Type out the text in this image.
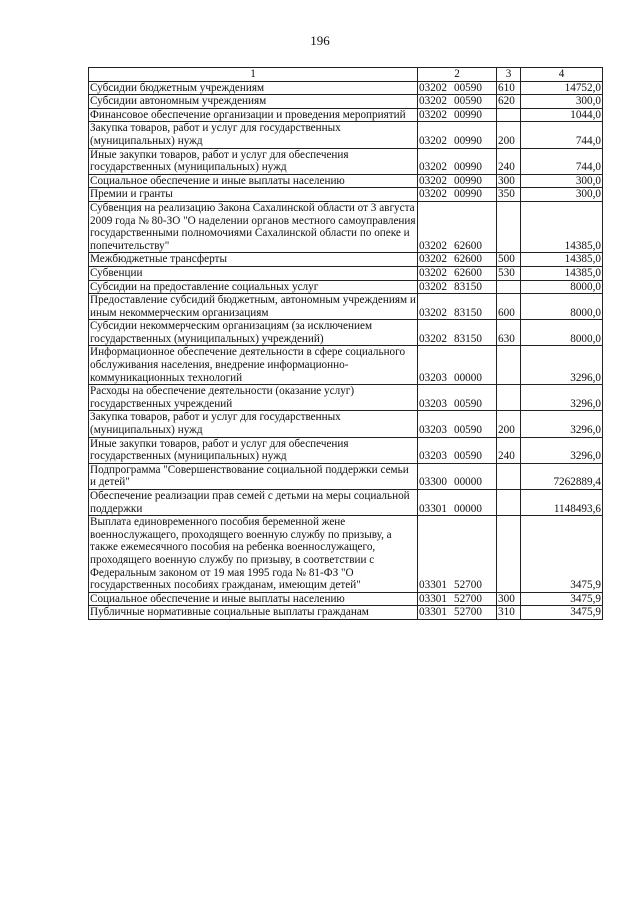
196
1	2	3	4
Субсидии бюджетным учреждениям	03202 00590	610	14752,0
Субсидии автономным учреждениям	03202 00590	620	300,0
Финансовое обеспечение организации и проведения мероприятий	03202 00990		1044,0
Закупка товаров, работ и услуг для государственных (муниципальных) нужд	03202 00990	200	744,0
Иные закупки товаров, работ и услуг для обеспечения государственных (муниципальных) нужд	03202 00990	240	744,0
Социальное обеспечение и иные выплаты населению	03202 00990	300	300,0
Премии и гранты	03202 00990	350	300,0
Субвенция на реализацию Закона Сахалинской области от 3 августа 2009 года № 80-ЗО "О наделении органов местного самоуправления государственными полномочиями Сахалинской области по опеке и попечительству"	03202 62600		14385,0
Межбюджетные трансферты	03202 62600	500	14385,0
Субвенции	03202 62600	530	14385,0
Субсидии на предоставление социальных услуг	03202 83150		8000,0
Предоставление субсидий бюджетным, автономным учреждениям и иным некоммерческим организациям	03202 83150	600	8000,0
Субсидии некоммерческим организациям (за исключением государственных (муниципальных) учреждений)	03202 83150	630	8000,0
Информационное обеспечение деятельности в сфере социального обслуживания населения, внедрение информационно-коммуникационных технологий	03203 00000		3296,0
Расходы на обеспечение деятельности (оказание услуг) государственных учреждений	03203 00590		3296,0
Закупка товаров, работ и услуг для государственных (муниципальных) нужд	03203 00590	200	3296,0
Иные закупки товаров, работ и услуг для обеспечения государственных (муниципальных) нужд	03203 00590	240	3296,0
Подпрограмма "Совершенствование социальной поддержки семьи и детей"	03300 00000		7262889,4
Обеспечение реализации прав семей с детьми на меры социальной поддержки	03301 00000		1148493,6
Выплата единовременного пособия беременной жене военнослужащего, проходящего военную службу по призыву, а также ежемесячного пособия на ребенка военнослужащего, проходящего военную службу по призыву, в соответствии с Федеральным законом от 19 мая 1995 года № 81-ФЗ "О государственных пособиях гражданам, имеющим детей"	03301 52700		3475,9
Социальное обеспечение и иные выплаты населению	03301 52700	300	3475,9
Публичные нормативные социальные выплаты гражданам	03301 52700	310	3475,9
